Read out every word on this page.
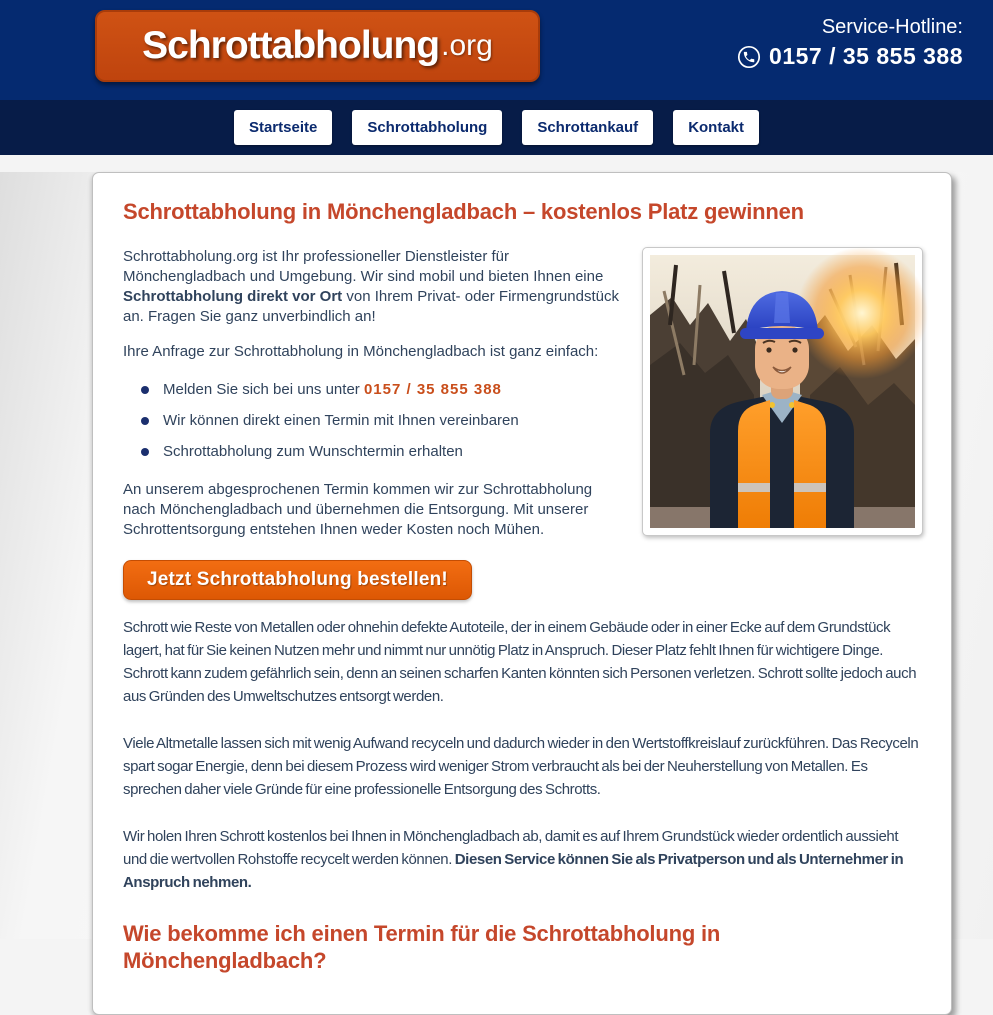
Schrottabholung .org
Service-Hotline:
0157 / 35 855 388
Startseite	Schrottabholung	Schrottankauf	Kontakt
Schrottabholung in Mönchengladbach – kostenlos Platz gewinnen

Schrottabholung.org ist Ihr professioneller Dienstleister für Mönchengladbach und Umgebung. Wir sind mobil und bieten Ihnen eine Schrottabholung direkt vor Ort von Ihrem Privat- oder Firmengrundstück an. Fragen Sie ganz unverbindlich an!

Ihre Anfrage zur Schrottabholung in Mönchengladbach ist ganz einfach:

Melden Sie sich bei uns unter 0157 / 35 855 388
Wir können direkt einen Termin mit Ihnen vereinbaren
Schrottabholung zum Wunschtermin erhalten

An unserem abgesprochenen Termin kommen wir zur Schrottabholung nach Mönchengladbach und übernehmen die Entsorgung. Mit unserer Schrottentsorgung entstehen Ihnen weder Kosten noch Mühen.

Jetzt Schrottabholung bestellen!

Schrott wie Reste von Metallen oder ohnehin defekte Autoteile, der in einem Gebäude oder in einer Ecke auf dem Grundstück lagert, hat für Sie keinen Nutzen mehr und nimmt nur unnötig Platz in Anspruch. Dieser Platz fehlt Ihnen für wichtigere Dinge. Schrott kann zudem gefährlich sein, denn an seinen scharfen Kanten könnten sich Personen verletzen. Schrott sollte jedoch auch aus Gründen des Umweltschutzes entsorgt werden.

Viele Altmetalle lassen sich mit wenig Aufwand recyceln und dadurch wieder in den Wertstoffkreislauf zurückführen. Das Recyceln spart sogar Energie, denn bei diesem Prozess wird weniger Strom verbraucht als bei der Neuherstellung von Metallen. Es sprechen daher viele Gründe für eine professionelle Entsorgung des Schrotts.

Wir holen Ihren Schrott kostenlos bei Ihnen in Mönchengladbach ab, damit es auf Ihrem Grundstück wieder ordentlich aussieht und die wertvollen Rohstoffe recycelt werden können. Diesen Service können Sie als Privatperson und als Unternehmer in Anspruch nehmen.

Wie bekomme ich einen Termin für die Schrottabholung in Mönchengladbach?
